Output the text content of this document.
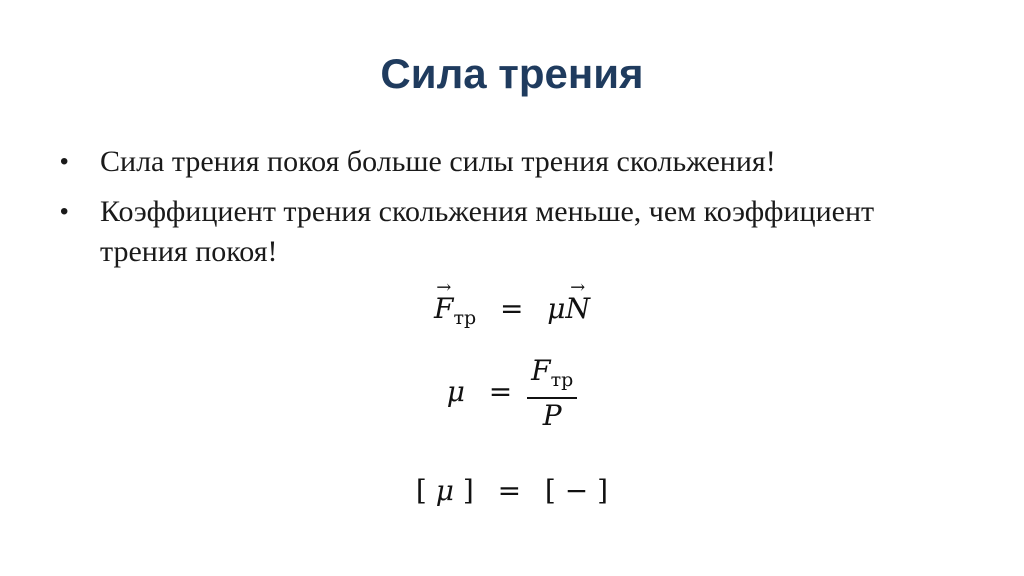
Сила трения
•	Сила трения покоя больше силы трения скольжения!
•	Коэффициент трения скольжения меньше, чем коэффициент трения покоя!
→
$F_{тр} = \mu$
→
N
$\mu = \frac{F_{тр}}{P}$
[ μ ] = [ − ]
